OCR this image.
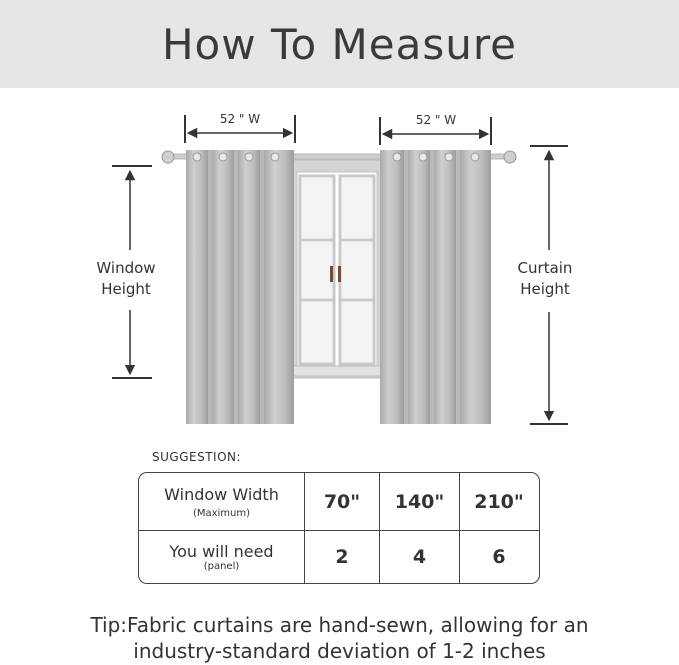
How To Measure
52 " W	52 " W
Window
Height
Curtain
Height
SUGGESTION:
Window Width
(Maximum)
70" 140" 210"
You will need
(panel)	2	4	6
Tip:Fabric curtains are hand-sewn, allowing for an
industry-standard deviation of 1-2 inches
